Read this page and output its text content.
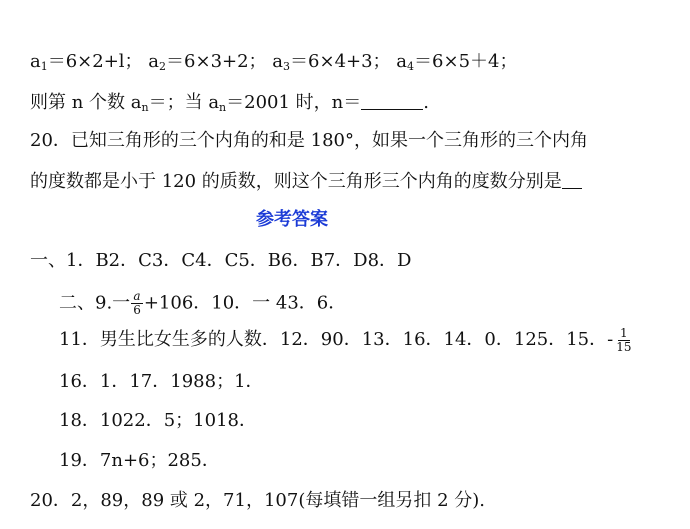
$a_1=6\times 2+l$； $a_2=6\times 3+2$； $a_3=6\times 4+3$； $a_4=6\times 5+4$；
则第 n 个数 $a_n=$；当 $a_n=2001$ 时，n＝	.
20．已知三角形的三个内角的和是 180°，如果一个三角形的三个内角
的度数都是小于 120 的质数，则这个三角形三个内角的度数分别是
参考答案
一、1．B2．C3．C4．C5．B6．B7．D8．D
二、9.一 $\frac{a}{6} +106$．10．一 43．6．
11．男生比女生多的人数．12．90．13．16．14．0．125．15．- $\frac{1}{15}$
16．1．17．1988；1．
18．1022．5；1018．
19．7n+6；285．
20．2，89，89 或 2，71，107(每填错一组另扣 2 分).
